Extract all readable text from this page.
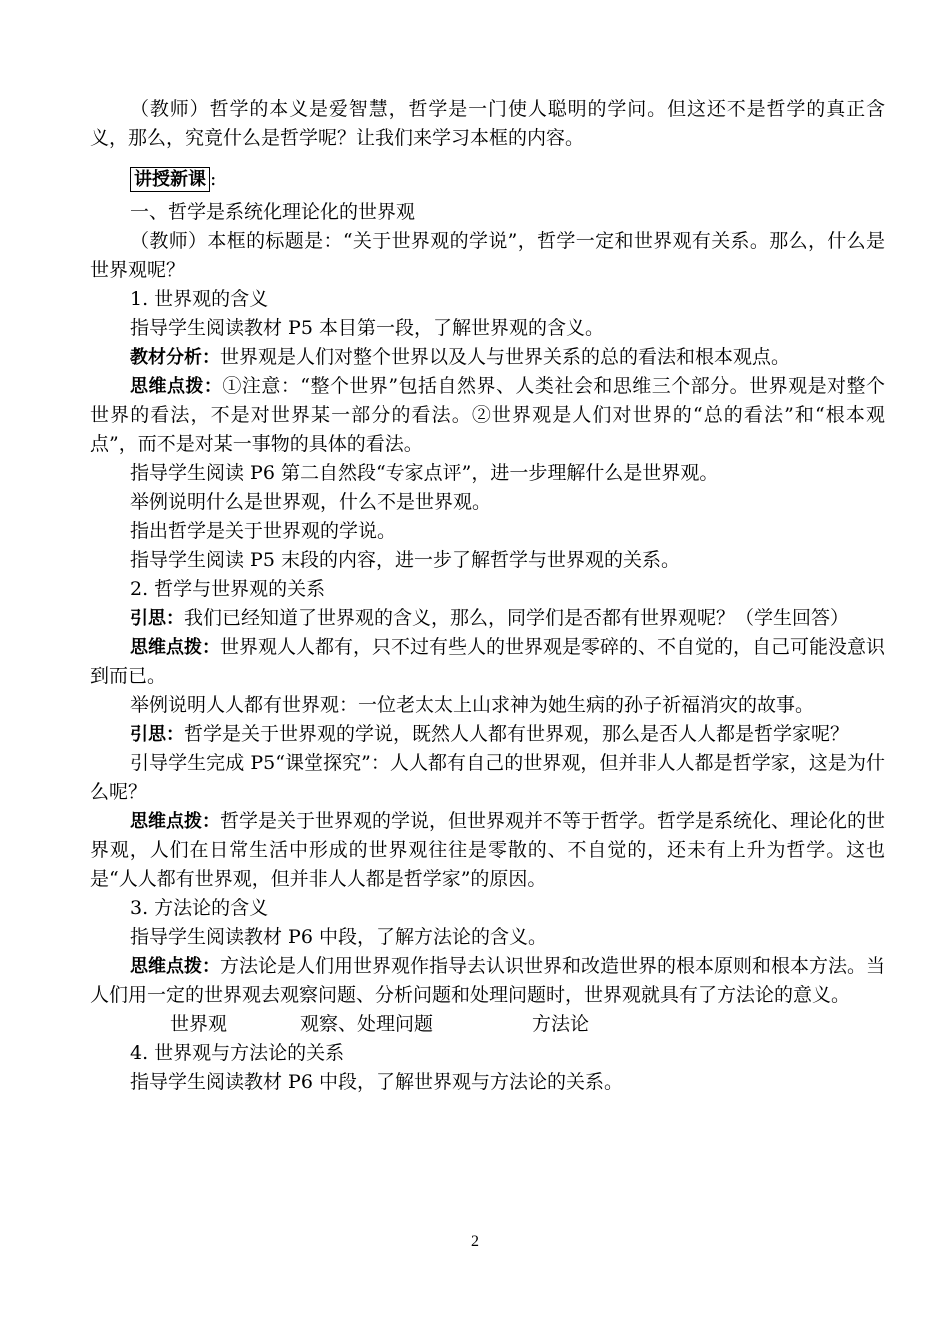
（教师）哲学的本义是爱智慧，哲学是一门使人聪明的学问。但这还不是哲学的真正含义，那么，究竟什么是哲学呢？让我们来学习本框的内容。

讲授新课 :

一、哲学是系统化理论化的世界观

（教师）本框的标题是：“关于世界观的学说”，哲学一定和世界观有关系。那么，什么是世界观呢？

1. 世界观的含义

指导学生阅读教材 P5 本目第一段，了解世界观的含义。

教材分析：世界观是人们对整个世界以及人与世界关系的总的看法和根本观点。

思维点拨：①注意：“整个世界”包括自然界、人类社会和思维三个部分。世界观是对整个世界的看法，不是对世界某一部分的看法。②世界观是人们对世界的“总的看法”和“根本观点”，而不是对某一事物的具体的看法。

指导学生阅读 P6 第二自然段“专家点评”，进一步理解什么是世界观。

举例说明什么是世界观，什么不是世界观。

指出哲学是关于世界观的学说。

指导学生阅读 P5 末段的内容，进一步了解哲学与世界观的关系。

2. 哲学与世界观的关系

引思：我们已经知道了世界观的含义，那么，同学们是否都有世界观呢？（学生回答）

思维点拨：世界观人人都有，只不过有些人的世界观是零碎的、不自觉的，自己可能没意识到而已。

举例说明人人都有世界观：一位老太太上山求神为她生病的孙子祈福消灾的故事。

引思：哲学是关于世界观的学说，既然人人都有世界观，那么是否人人都是哲学家呢？

引导学生完成 P5“课堂探究”：人人都有自己的世界观，但并非人人都是哲学家，这是为什么呢？

思维点拨：哲学是关于世界观的学说，但世界观并不等于哲学。哲学是系统化、理论化的世界观，人们在日常生活中形成的世界观往往是零散的、不自觉的，还未有上升为哲学。这也是“人人都有世界观，但并非人人都是哲学家”的原因。

3. 方法论的含义

指导学生阅读教材 P6 中段，了解方法论的含义。

思维点拨：方法论是人们用世界观作指导去认识世界和改造世界的根本原则和根本方法。当人们用一定的世界观去观察问题、分析问题和处理问题时，世界观就具有了方法论的意义。

世界观	观察、处理问题	方法论

4. 世界观与方法论的关系

指导学生阅读教材 P6 中段，了解世界观与方法论的关系。

2
